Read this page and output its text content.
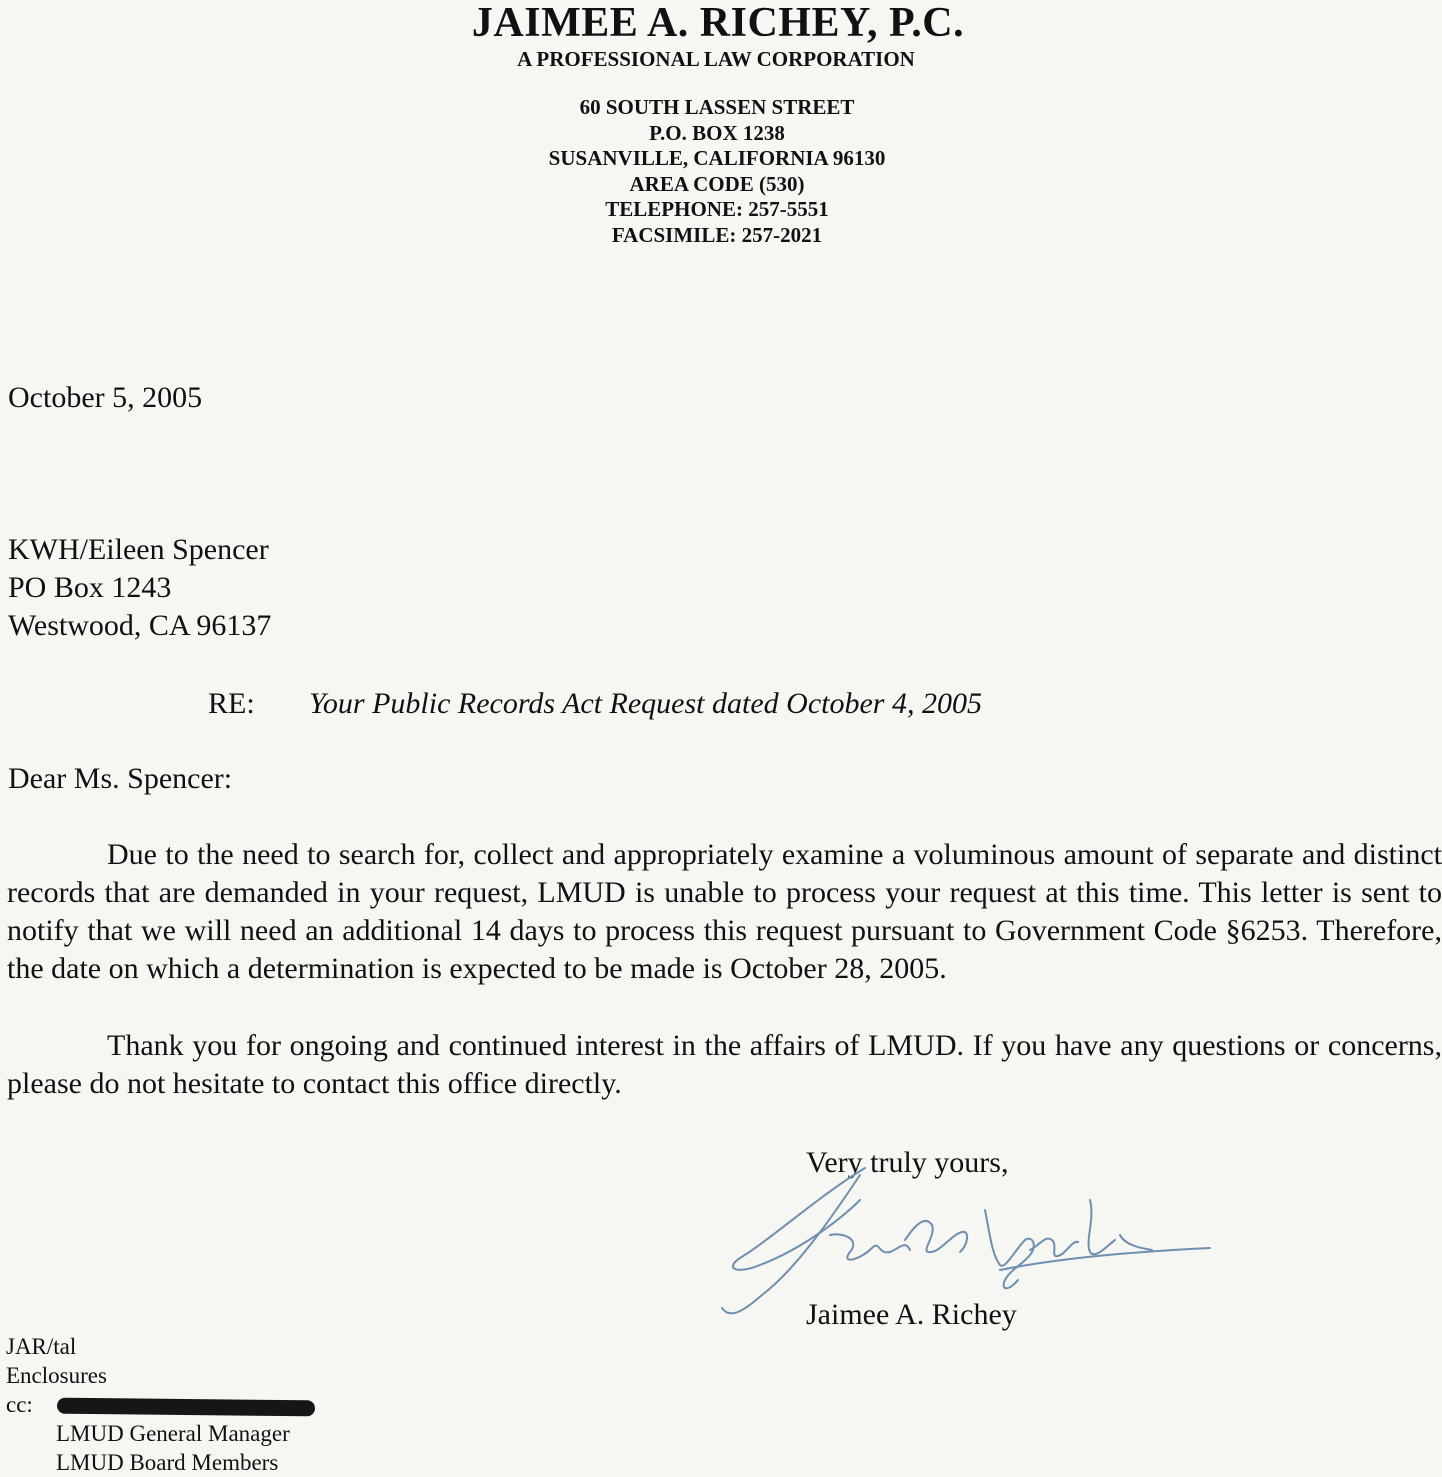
JAIMEE A. RICHEY, P.C.
A PROFESSIONAL LAW CORPORATION
60 SOUTH LASSEN STREET
P.O. BOX 1238
SUSANVILLE, CALIFORNIA 96130
AREA CODE (530)
TELEPHONE: 257-5551
FACSIMILE: 257-2021
October 5, 2005
KWH/Eileen Spencer
PO Box 1243
Westwood, CA 96137
RE: Your Public Records Act Request dated October 4, 2005
Dear Ms. Spencer:
Due to the need to search for, collect and appropriately examine a voluminous amount of separate and distinct records that are demanded in your request, LMUD is unable to process your request at this time. This letter is sent to notify that we will need an additional 14 days to process this request pursuant to Government Code §6253. Therefore, the date on which a determination is expected to be made is October 28, 2005.
Thank you for ongoing and continued interest in the affairs of LMUD. If you have any questions or concerns, please do not hesitate to contact this office directly.
Very truly yours,
Jaimee A. Richey
JAR/tal
Enclosures
cc:
LMUD General Manager
LMUD Board Members
